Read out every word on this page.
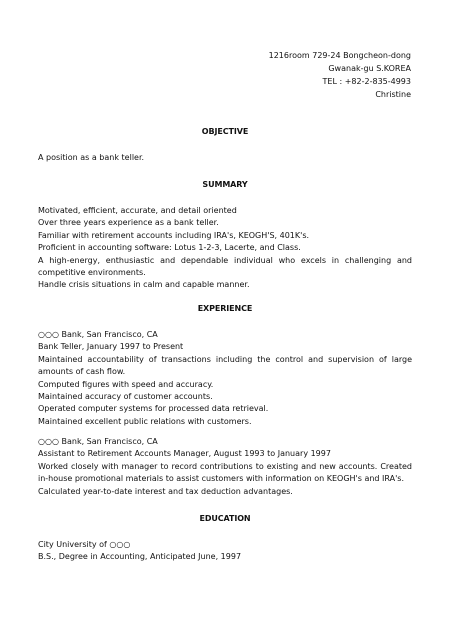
1216room 729-24 Bongcheon-dong
Gwanak-gu S.KOREA
TEL : +82-2-835-4993
Christine
OBJECTIVE
A position as a bank teller.
SUMMARY
Motivated, efficient, accurate, and detail oriented
Over three years experience as a bank teller.
Familiar with retirement accounts including IRA's, KEOGH'S, 401K's.
Proficient in accounting software: Lotus 1-2-3, Lacerte, and Class.
A high-energy, enthusiastic and dependable individual who excels in challenging and competitive environments.
Handle crisis situations in calm and capable manner.
EXPERIENCE
○○○ Bank, San Francisco, CA
Bank Teller, January 1997 to Present
Maintained accountability of transactions including the control and supervision of large amounts of cash flow.
Computed figures with speed and accuracy.
Maintained accuracy of customer accounts.
Operated computer systems for processed data retrieval.
Maintained excellent public relations with customers.
○○○ Bank, San Francisco, CA
Assistant to Retirement Accounts Manager, August 1993 to January 1997
Worked closely with manager to record contributions to existing and new accounts. Created in-house promotional materials to assist customers with information on KEOGH's and IRA's.
Calculated year-to-date interest and tax deduction advantages.
EDUCATION
City University of ○○○
B.S., Degree in Accounting, Anticipated June, 1997
